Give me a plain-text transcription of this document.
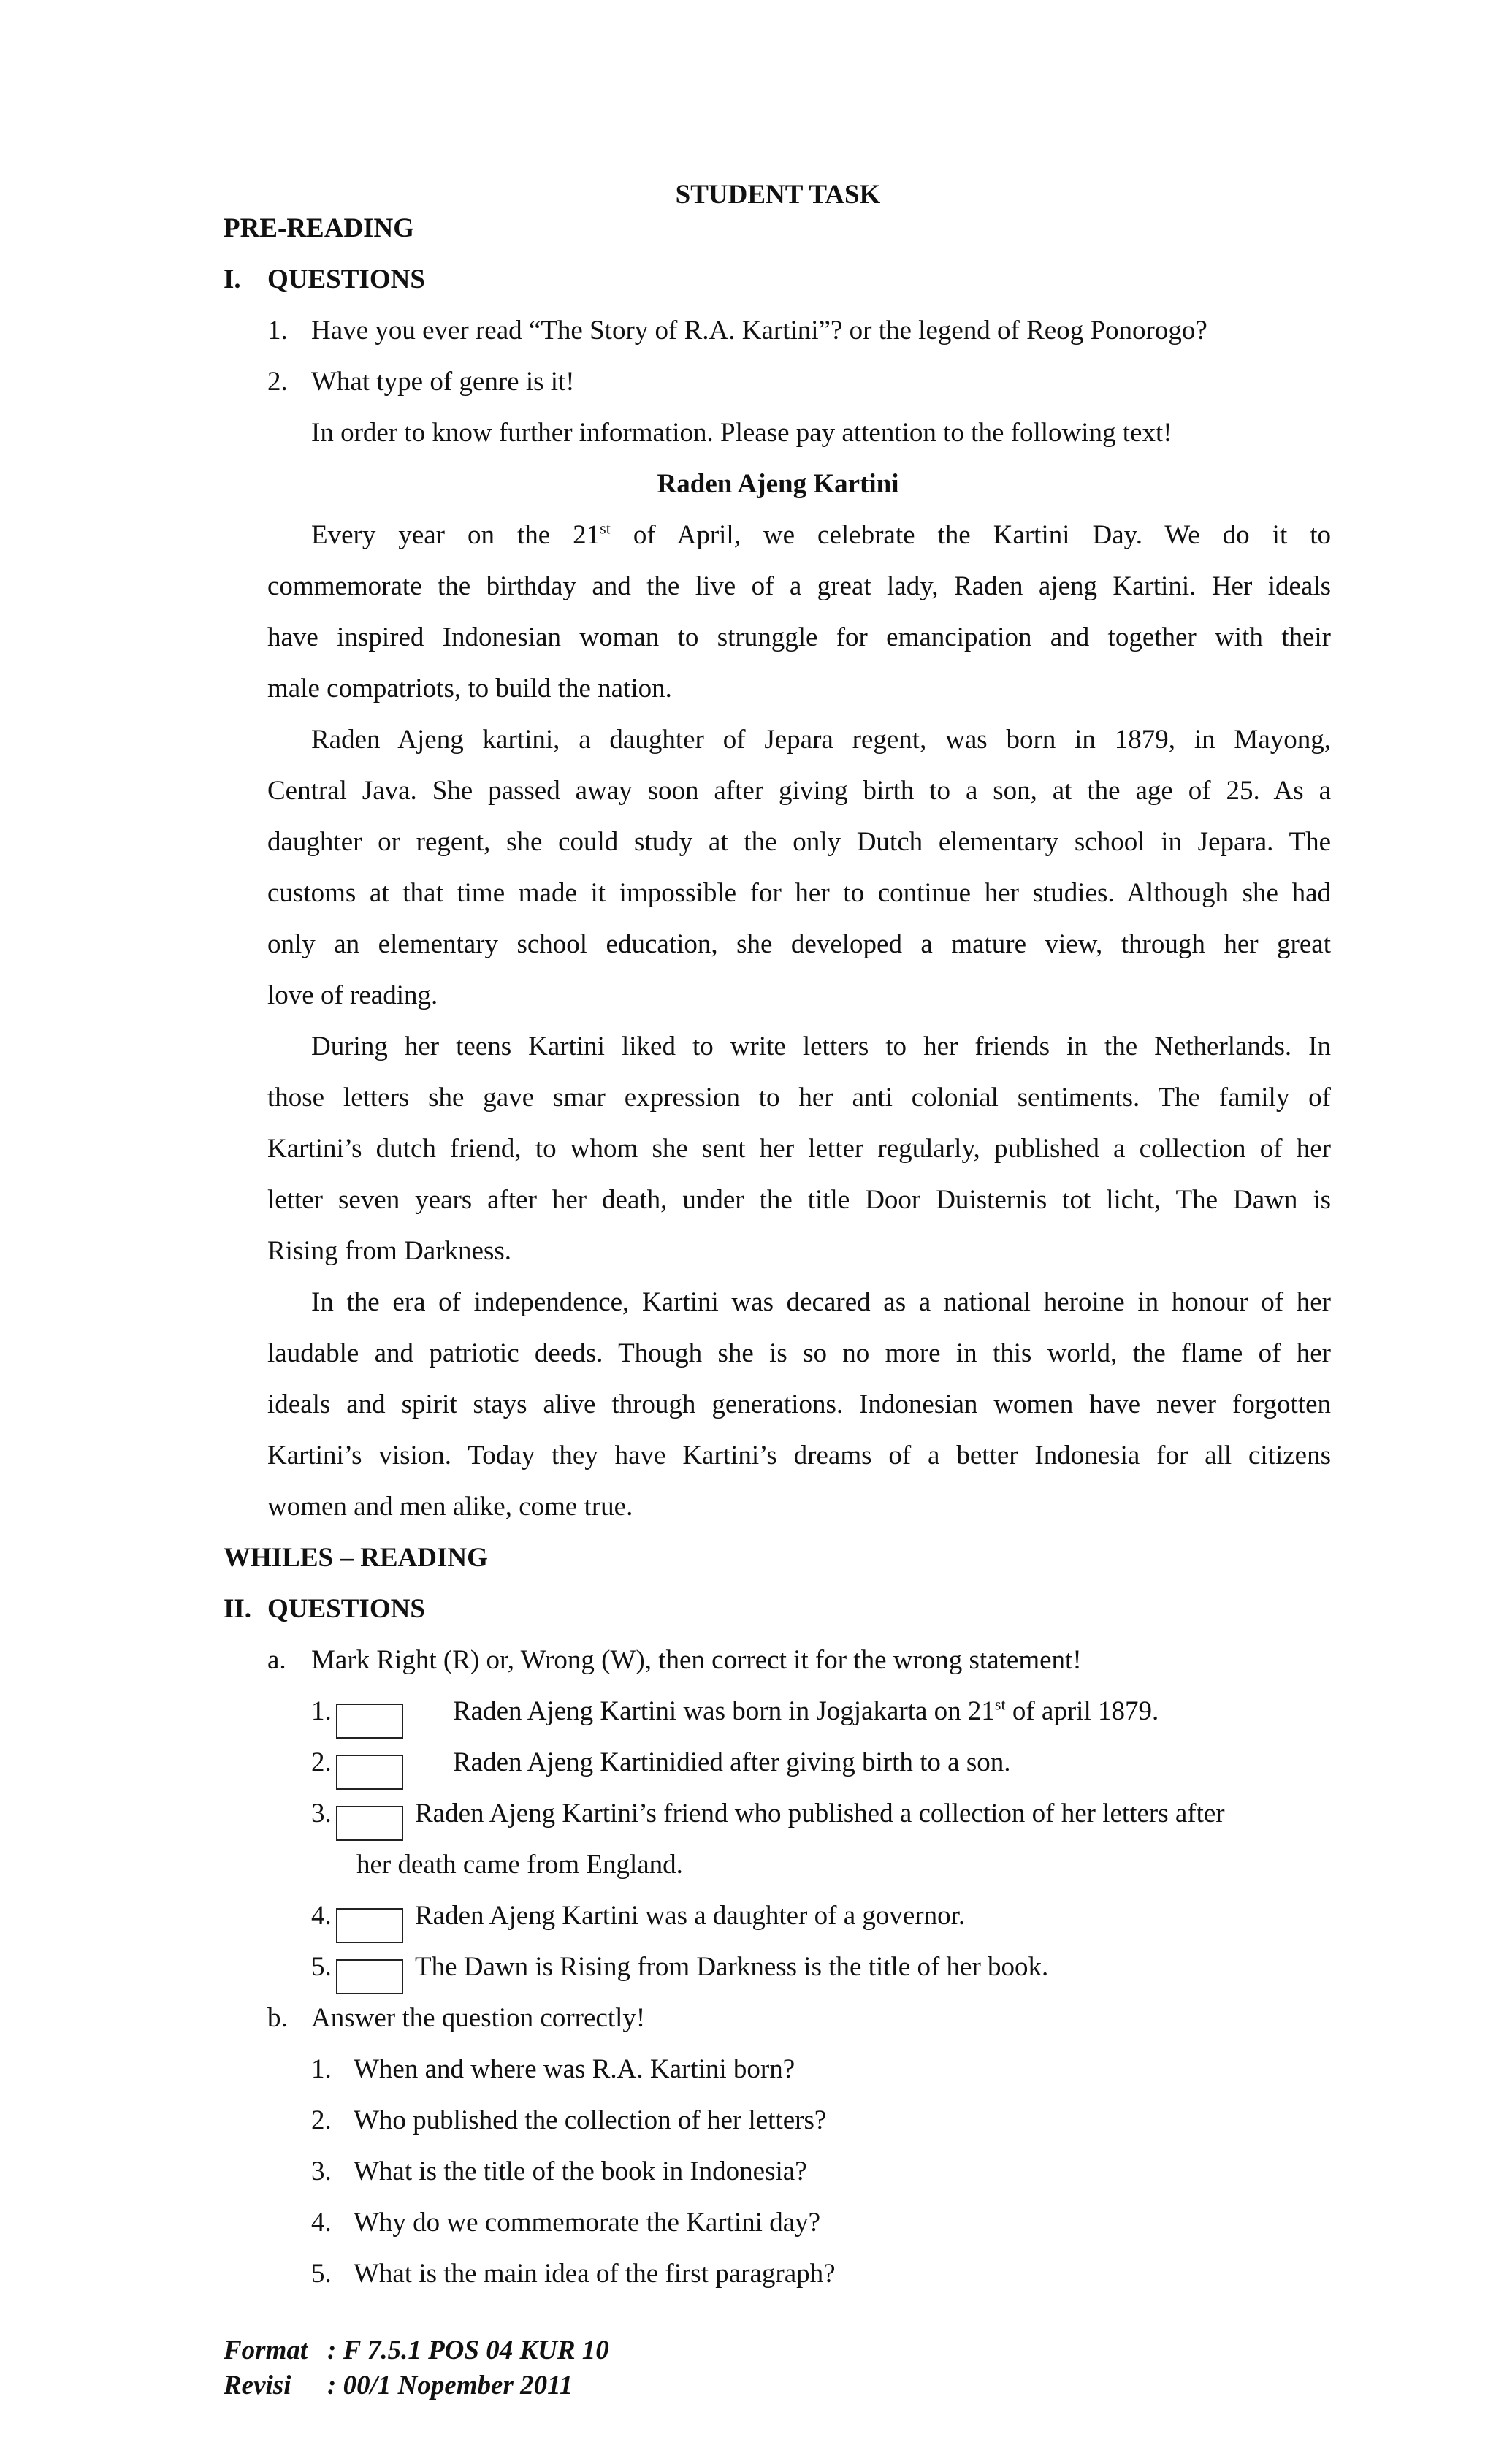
STUDENT TASK
PRE-READING
I. QUESTIONS
1. Have you ever read “The Story of R.A. Kartini”? or the legend of Reog Ponorogo?
2. What type of genre is it!
In order to know further information. Please pay attention to the following text!
Raden Ajeng Kartini
Every year on the 21st of April, we celebrate the Kartini Day. We do it to
commemorate the birthday and the live of a great lady, Raden ajeng Kartini. Her ideals
have inspired Indonesian woman to strunggle for emancipation and together with their
male compatriots, to build the nation.
Raden Ajeng kartini, a daughter of Jepara regent, was born in 1879, in Mayong,
Central Java. She passed away soon after giving birth to a son, at the age of 25. As a
daughter or regent, she could study at the only Dutch elementary school in Jepara. The
customs at that time made it impossible for her to continue her studies. Although she had
only an elementary school education, she developed a mature view, through her great
love of reading.
During her teens Kartini liked to write letters to her friends in the Netherlands. In
those letters she gave smar expression to her anti colonial sentiments. The family of
Kartini’s dutch friend, to whom she sent her letter regularly, published a collection of her
letter seven years after her death, under the title Door Duisternis tot licht, The Dawn is
Rising from Darkness.
In the era of independence, Kartini was decared as a national heroine in honour of her
laudable and patriotic deeds. Though she is so no more in this world, the flame of her
ideals and spirit stays alive through generations. Indonesian women have never forgotten
Kartini’s vision. Today they have Kartini’s dreams of a better Indonesia for all citizens
women and men alike, come true.
WHILES – READING
II. QUESTIONS
a. Mark Right (R) or, Wrong (W), then correct it for the wrong statement!
1.	Raden Ajeng Kartini was born in Jogjakarta on 21st of april 1879.
2.	Raden Ajeng Kartinidied after giving birth to a son.
3.	Raden Ajeng Kartini’s friend who published a collection of her letters after
her death came from England.
4.	Raden Ajeng Kartini was a daughter of a governor.
5.	The Dawn is Rising from Darkness is the title of her book.
b. Answer the question correctly!
1. When and where was R.A. Kartini born?
2. Who published the collection of her letters?
3. What is the title of the book in Indonesia?
4. Why do we commemorate the Kartini day?
5. What is the main idea of the first paragraph?
Format : F 7.5.1 POS 04 KUR 10
Revisi : 00/1 Nopember 2011
